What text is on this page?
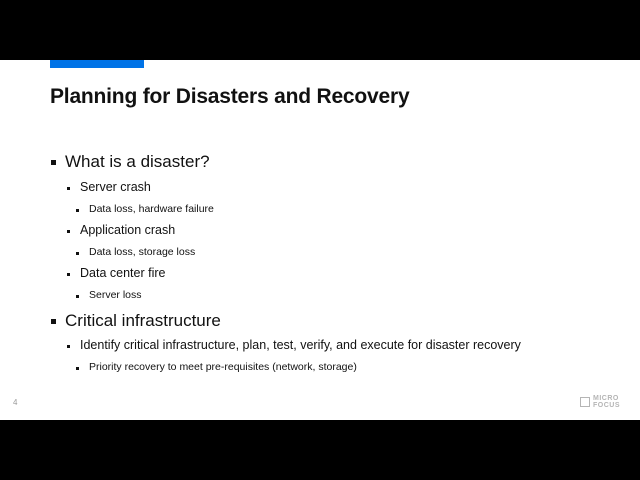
Planning for Disasters and Recovery
What is a disaster?
Server crash
Data loss, hardware failure
Application crash
Data loss, storage loss
Data center fire
Server loss
Critical infrastructure
Identify critical infrastructure, plan, test, verify, and execute for disaster recovery
Priority recovery to meet pre-requisites (network, storage)
4	MICRO
FOCUS
